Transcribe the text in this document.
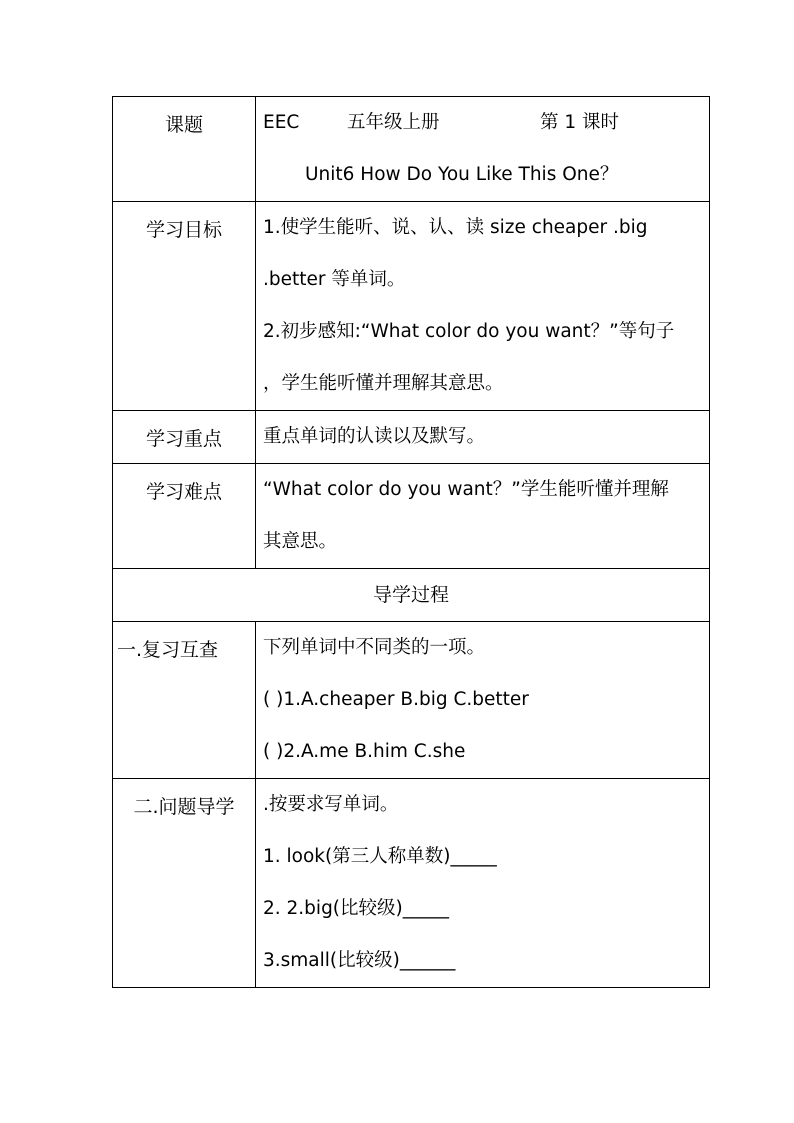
课题	EEC	五年级上册	第 1 课时
Unit6 How Do You Like This One？
学习目标	1.使学生能听、说、认、读 size cheaper .big
.better 等单词。
2.初步感知:“What color do you want？”等句子
，学生能听懂并理解其意思。
学习重点	重点单词的认读以及默写。
学习难点	“What color do you want？”学生能听懂并理解
其意思。
导学过程
一.复习互查	下列单词中不同类的一项。
( )1.A.cheaper B.big C.better
( )2.A.me B.him C.she
二.问题导学	.按要求写单词。
1. look(第三人称单数)_____
2. 2.big(比较级)_____
3.small(比较级)______
